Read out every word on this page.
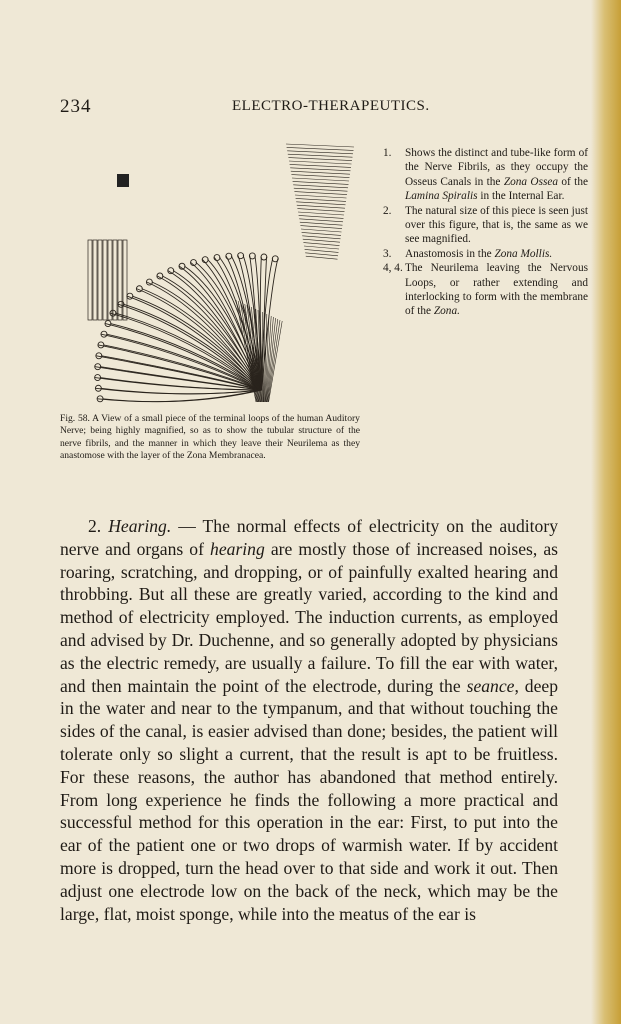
234	ELECTRO-THERAPEUTICS.
Fig. 58. A View of a small piece of the terminal loops of the human Auditory Nerve; being highly magnified, so as to show the tubular structure of the nerve fibrils, and the manner in which they leave their Neurilema as they anastomose with the layer of the Zona Membranacea.

1. Shows the distinct and tube-like form of the Nerve Fibrils, as they occupy the Osseus Canals in the Zona Ossea of the Lamina Spiralis in the Internal Ear.

2. The natural size of this piece is seen just over this figure, that is, the same as we see magnified.

3. Anastomosis in the Zona Mollis.

4, 4. The Neurilema leaving the Nervous Loops, or rather extending and interlocking to form with the membrane of the Zona.

2. Hearing. — The normal effects of electricity on the auditory nerve and organs of hearing are mostly those of increased noises, as roaring, scratching, and dropping, or of painfully exalted hearing and throbbing. But all these are greatly varied, according to the kind and method of electricity employed. The induction currents, as employed and advised by Dr. Duchenne, and so generally adopted by physicians as the electric remedy, are usually a failure. To fill the ear with water, and then maintain the point of the electrode, during the seance, deep in the water and near to the tympanum, and that without touching the sides of the canal, is easier advised than done; besides, the patient will tolerate only so slight a current, that the result is apt to be fruitless. For these reasons, the author has abandoned that method entirely. From long experience he finds the following a more practical and successful method for this operation in the ear: First, to put into the ear of the patient one or two drops of warmish water. If by accident more is dropped, turn the head over to that side and work it out. Then adjust one electrode low on the back of the neck, which may be the large, flat, moist sponge, while into the meatus of the ear is
